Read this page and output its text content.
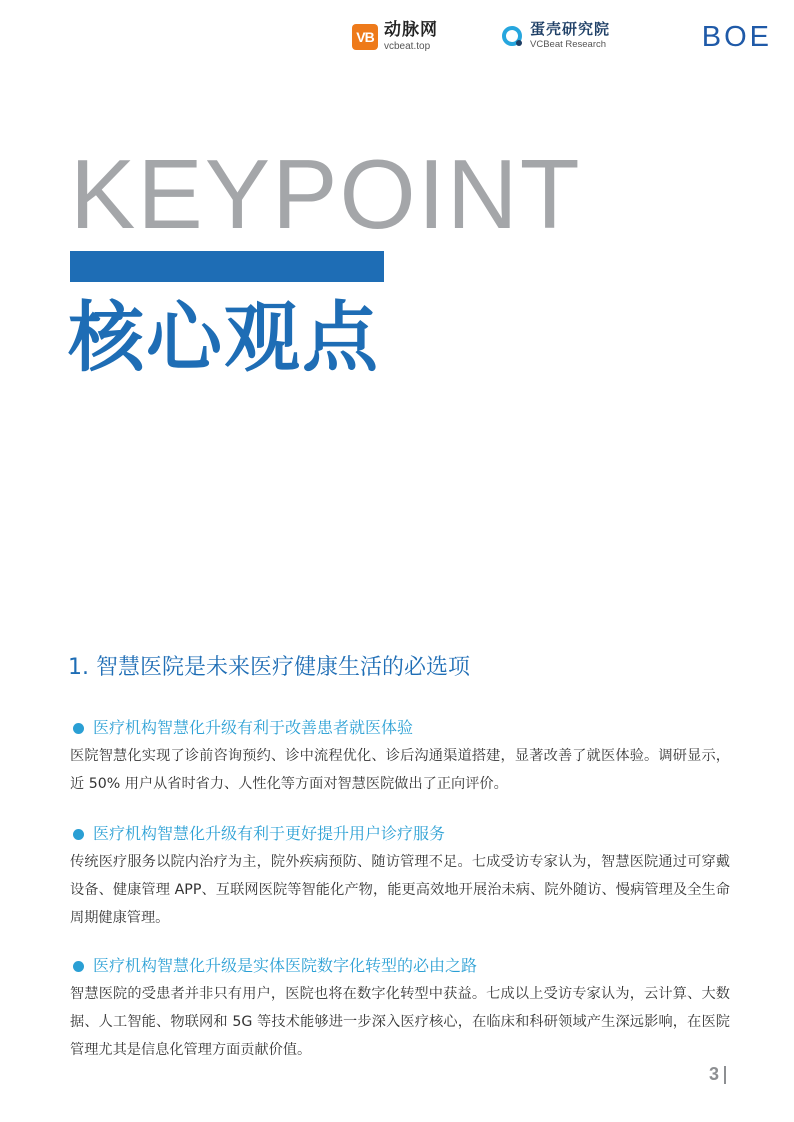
VB 动脉网
vcbeat.top
蛋壳研究院
VCBeat Research	BOE
KEYPOINT
核心观点
1. 智慧医院是未来医疗健康生活的必选项
医疗机构智慧化升级有利于改善患者就医体验

医院智慧化实现了诊前咨询预约、诊中流程优化、诊后沟通渠道搭建，显著改善了就医体验。调研显示，近 50% 用户从省时省力、人性化等方面对智慧医院做出了正向评价。

医疗机构智慧化升级有利于更好提升用户诊疗服务

传统医疗服务以院内治疗为主，院外疾病预防、随访管理不足。七成受访专家认为，智慧医院通过可穿戴设备、健康管理 APP、互联网医院等智能化产物，能更高效地开展治未病、院外随访、慢病管理及全生命周期健康管理。

医疗机构智慧化升级是实体医院数字化转型的必由之路

智慧医院的受患者并非只有用户，医院也将在数字化转型中获益。七成以上受访专家认为，云计算、大数据、人工智能、物联网和 5G 等技术能够进一步深入医疗核心，在临床和科研领域产生深远影响，在医院管理尤其是信息化管理方面贡献价值。

3
